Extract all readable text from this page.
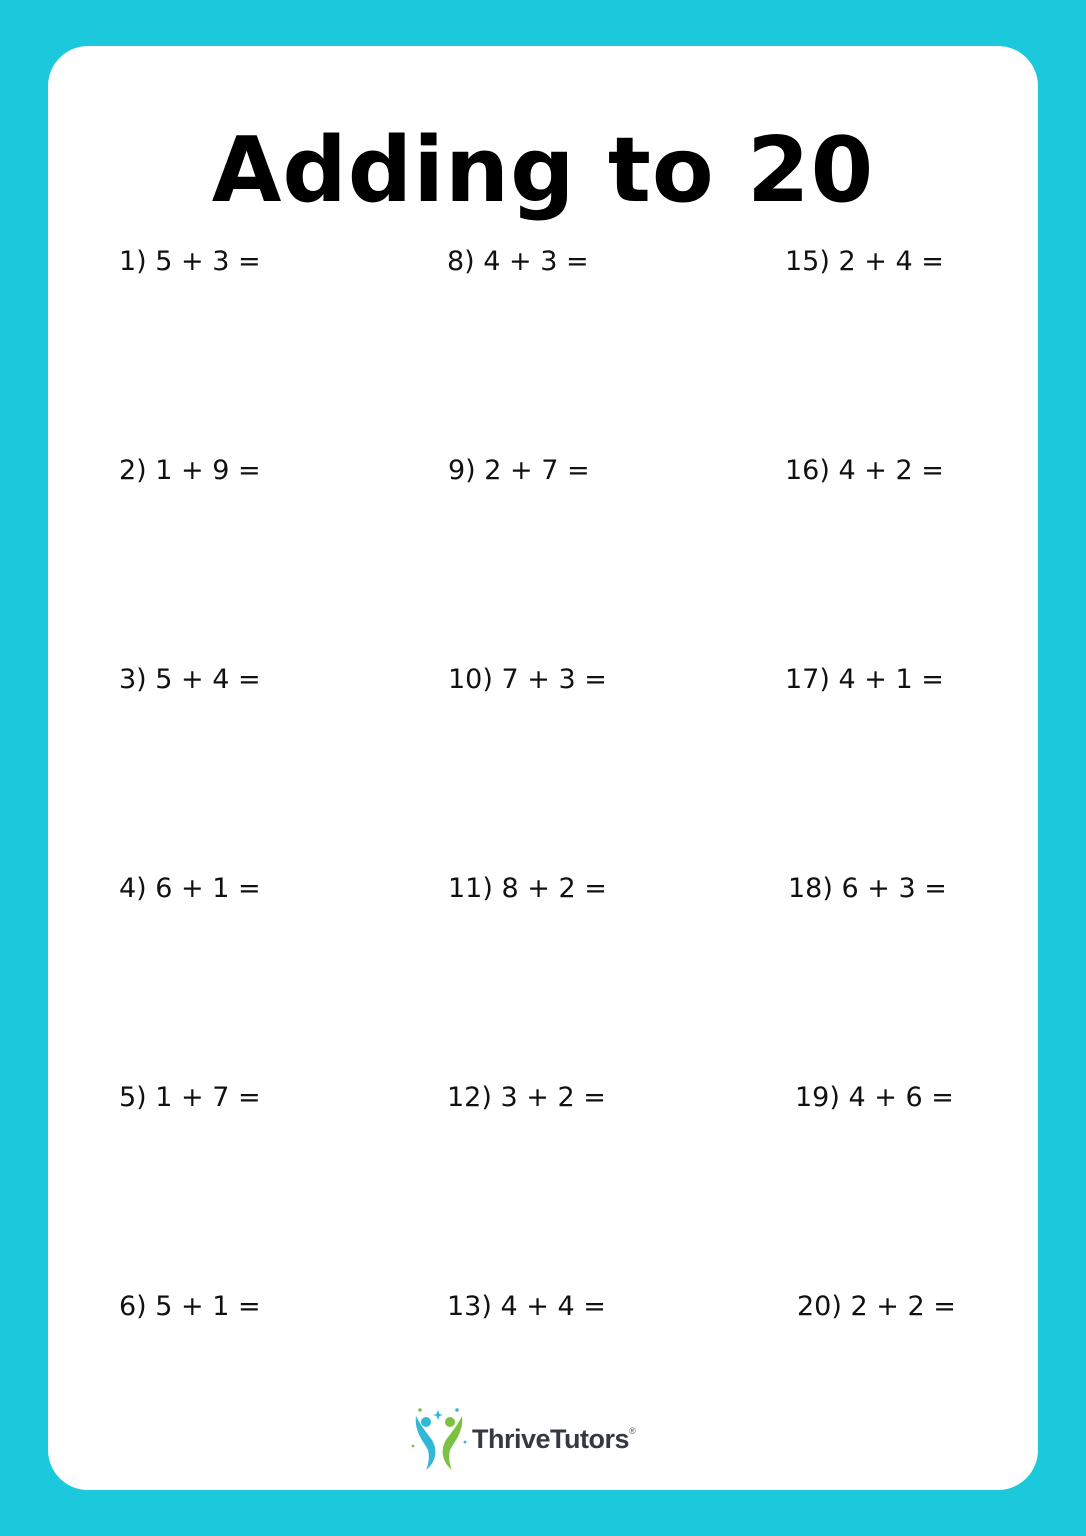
Adding to 20
1) 5 + 3 =
2) 1 + 9 =
3) 5 + 4 =
4) 6 + 1 =
5) 1 + 7 =
6) 5 + 1 =
8) 4 + 3 =
9) 2 + 7 =
10) 7 + 3 =
11) 8 + 2 =
12) 3 + 2 =
13) 4 + 4 =
15) 2 + 4 =
16) 4 + 2 =
17) 4 + 1 =
18) 6 + 3 =
19) 4 + 6 =
20) 2 + 2 =
ThriveTutors ®
